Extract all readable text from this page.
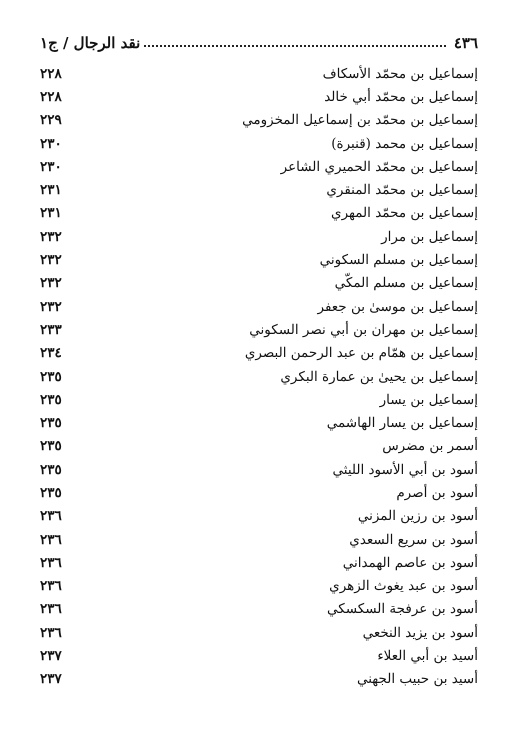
٤٣٦
نقد الرجال / ج١
إسماعيل بن محمّد الأسكاف
٢٢٨
إسماعيل بن محمّد أبي خالد
٢٢٨
إسماعيل بن محمّد بن إسماعيل المخزومي
٢٢٩
إسماعيل بن محمد (قنبرة)
٢٣٠
إسماعيل بن محمّد الحميري الشاعر
٢٣٠
إسماعيل بن محمّد المنقري
٢٣١
إسماعيل بن محمّد المهري
٢٣١
إسماعيل بن مرار
٢٣٢
إسماعيل بن مسلم السكوني
٢٣٢
إسماعيل بن مسلم المكّي
٢٣٢
إسماعيل بن موسىٰ بن جعفر
٢٣٢
إسماعيل بن مهران بن أبي نصر السكوني
٢٣٣
إسماعيل بن همّام بن عبد الرحمن البصري
٢٣٤
إسماعيل بن يحيىٰ بن عمارة البكري
٢٣٥
إسماعيل بن يسار
٢٣٥
إسماعيل بن يسار الهاشمي
٢٣٥
أسمر بن مضرس
٢٣٥
أسود بن أبي الأسود الليثي
٢٣٥
أسود بن أصرم
٢٣٥
أسود بن رزين المزني
٢٣٦
أسود بن سريع السعدي
٢٣٦
أسود بن عاصم الهمداني
٢٣٦
أسود بن عبد يغوث الزهري
٢٣٦
أسود بن عرفجة السكسكي
٢٣٦
أسود بن يزيد النخعي
٢٣٦
أسيد بن أبي العلاء
٢٣٧
أسيد بن حبيب الجهني
٢٣٧
